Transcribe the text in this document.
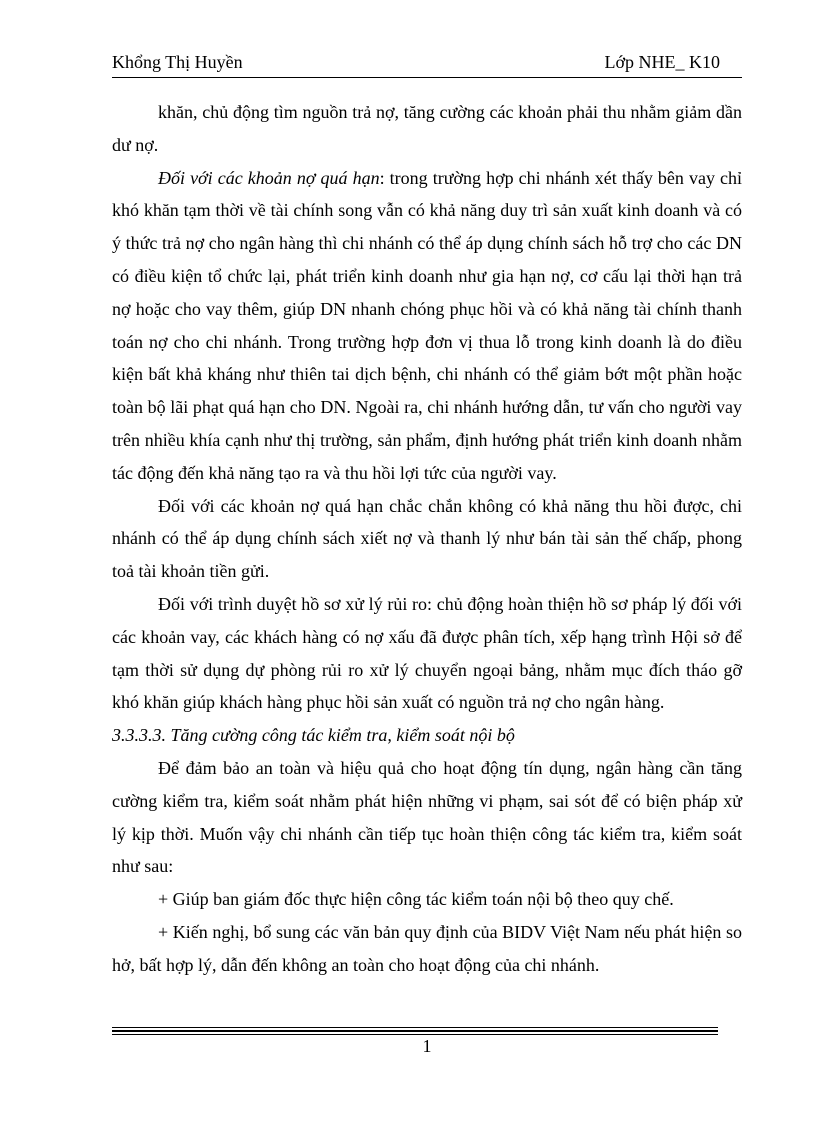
Khổng Thị Huyền	Lớp NHE_ K10

khăn, chủ động tìm nguồn trả nợ, tăng cường các khoản phải thu nhằm giảm dần dư nợ.

Đối với các khoản nợ quá hạn: trong trường hợp chi nhánh xét thấy bên vay chỉ khó khăn tạm thời về tài chính song vẫn có khả năng duy trì sản xuất kinh doanh và có ý thức trả nợ cho ngân hàng thì chi nhánh có thể áp dụng chính sách hỗ trợ cho các DN có điều kiện tổ chức lại, phát triển kinh doanh như gia hạn nợ, cơ cấu lại thời hạn trả nợ hoặc cho vay thêm, giúp DN nhanh chóng phục hồi và có khả năng tài chính thanh toán nợ cho chi nhánh. Trong trường hợp đơn vị thua lỗ trong kinh doanh là do điều kiện bất khả kháng như thiên tai dịch bệnh, chi nhánh có thể giảm bớt một phần hoặc toàn bộ lãi phạt quá hạn cho DN. Ngoài ra, chi nhánh hướng dẫn, tư vấn cho người vay trên nhiều khía cạnh như thị trường, sản phẩm, định hướng phát triển kinh doanh nhằm tác động đến khả năng tạo ra và thu hồi lợi tức của người vay.

Đối với các khoản nợ quá hạn chắc chắn không có khả năng thu hồi được, chi nhánh có thể áp dụng chính sách xiết nợ và thanh lý như bán tài sản thế chấp, phong toả tài khoản tiền gửi.

Đối với trình duyệt hồ sơ xử lý rủi ro: chủ động hoàn thiện hồ sơ pháp lý đối với các khoản vay, các khách hàng có nợ xấu đã được phân tích, xếp hạng trình Hội sở để tạm thời sử dụng dự phòng rủi ro xử lý chuyển ngoại bảng, nhằm mục đích tháo gỡ khó khăn giúp khách hàng phục hồi sản xuất có nguồn trả nợ cho ngân hàng.

3.3.3.3. Tăng cường công tác kiểm tra, kiểm soát nội bộ

Để đảm bảo an toàn và hiệu quả cho hoạt động tín dụng, ngân hàng cần tăng cường kiểm tra, kiểm soát nhằm phát hiện những vi phạm, sai sót để có biện pháp xử lý kịp thời. Muốn vậy chi nhánh cần tiếp tục hoàn thiện công tác kiểm tra, kiểm soát như sau:

+ Giúp ban giám đốc thực hiện công tác kiểm toán nội bộ theo quy chế.

+ Kiến nghị, bổ sung các văn bản quy định của BIDV Việt Nam nếu phát hiện so hở, bất hợp lý, dẫn đến không an toàn cho hoạt động của chi nhánh.

1
